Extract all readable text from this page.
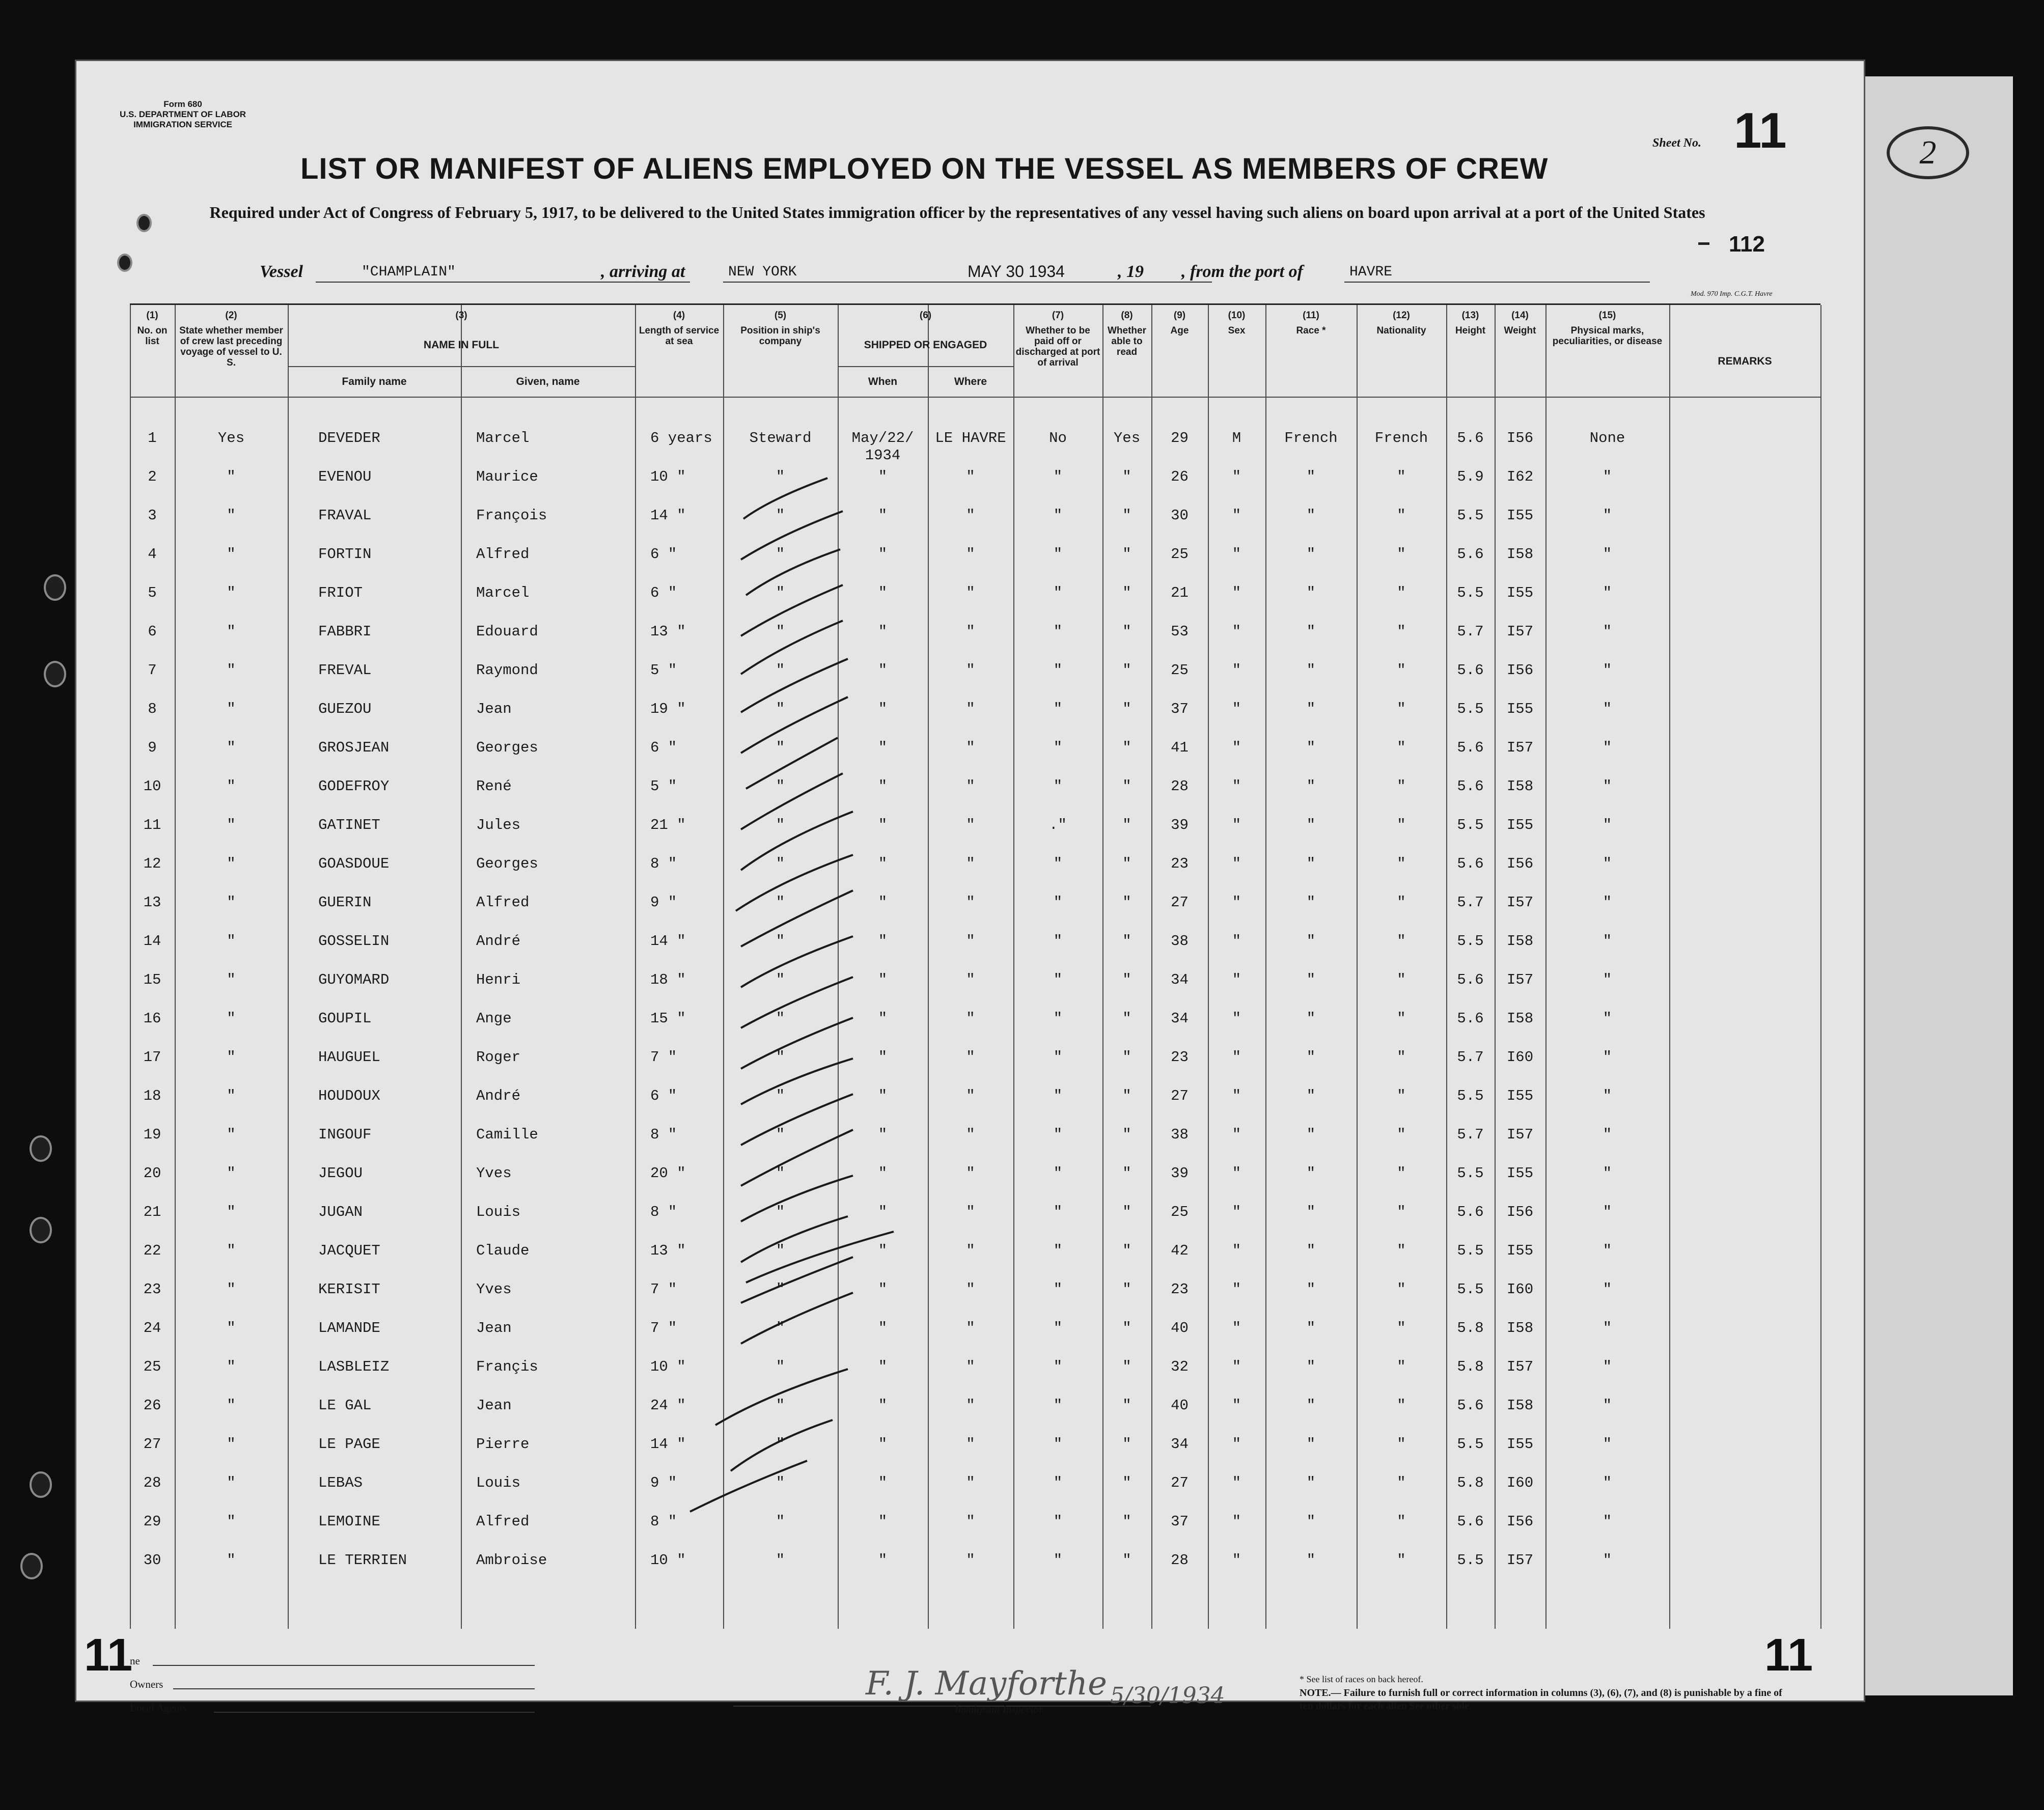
2
Form 680
U.S. DEPARTMENT OF LABOR
IMMIGRATION SERVICE
LIST OR MANIFEST OF ALIENS EMPLOYED ON THE VESSEL AS MEMBERS OF CREW
Required under Act of Congress of February 5, 1917, to be delivered to the United States immigration officer by the representatives of any vessel having such aliens on board upon arrival at a port of the United States
Sheet No. 11
112
Vessel	"CHAMPLAIN"	, arriving at	NEW YORK	MAY 30 1934	, 19 , from the port of	HAVRE
Mod. 970 Imp. C.G.T. Havre
(1)
No. on list
(2)
State whether member of crew last preceding voyage of vessel to U. S.
(3)
NAME IN FULL
Family name	Given, name
(4)
Length of service at sea
(5)
Position in ship's company
(6)
SHIPPED OR ENGAGED
When	Where
(7)
Whether to be paid off or discharged at port of arrival
(8)
Whether able to read
(9)
Age
(10)
Sex
(11)
Race *
(12)
Nationality
(13)
Height
(14)
Weight
(15)
Physical marks, peculiarities, or disease
REMARKS
1	Yes	DEVEDER	Marcel	6 years	Steward	May/22/	LE HAVRE	No	Yes	29	M	French	French	5.6	I56	None
1934
2	"	EVENOU	Maurice	10 "	"	"	"	"	"	26	"	"	"	5.9	I62	"
3	"	FRAVAL	François	14 "	"	"	"	"	"	30	"	"	"	5.5	I55	"
4	"	FORTIN	Alfred	6 "	"	"	"	"	"	25	"	"	"	5.6	I58	"
5	"	FRIOT	Marcel	6 "	"	"	"	"	"	21	"	"	"	5.5	I55	"
6	"	FABBRI	Edouard	13 "	"	"	"	"	"	53	"	"	"	5.7	I57	"
7	"	FREVAL	Raymond	5 "	"	"	"	"	"	25	"	"	"	5.6	I56	"
8	"	GUEZOU	Jean	19 "	"	"	"	"	"	37	"	"	"	5.5	I55	"
9	"	GROSJEAN	Georges	6 "	"	"	"	"	"	41	"	"	"	5.6	I57	"
10	"	GODEFROY	René	5 "	"	"	"	"	"	28	"	"	"	5.6	I58	"
11	"	GATINET	Jules	21 "	"	"	"	."	"	39	"	"	"	5.5	I55	"
12	"	GOASDOUE	Georges	8 "	"	"	"	"	"	23	"	"	"	5.6	I56	"
13	"	GUERIN	Alfred	9 "	"	"	"	"	"	27	"	"	"	5.7	I57	"
14	"	GOSSELIN	André	14 "	"	"	"	"	"	38	"	"	"	5.5	I58	"
15	"	GUYOMARD	Henri	18 "	"	"	"	"	"	34	"	"	"	5.6	I57	"
16	"	GOUPIL	Ange	15 "	"	"	"	"	"	34	"	"	"	5.6	I58	"
17	"	HAUGUEL	Roger	7 "	"	"	"	"	"	23	"	"	"	5.7	I60	"
18	"	HOUDOUX	André	6 "	"	"	"	"	"	27	"	"	"	5.5	I55	"
19	"	INGOUF	Camille	8 "	"	"	"	"	"	38	"	"	"	5.7	I57	"
20	"	JEGOU	Yves	20 "	"	"	"	"	"	39	"	"	"	5.5	I55	"
21	"	JUGAN	Louis	8 "	"	"	"	"	"	25	"	"	"	5.6	I56	"
22	"	JACQUET	Claude	13 "	"	"	"	"	"	42	"	"	"	5.5	I55	"
23	"	KERISIT	Yves	7 "	"	"	"	"	"	23	"	"	"	5.5	I60	"
24	"	LAMANDE	Jean	7 "	"	"	"	"	"	40	"	"	"	5.8	I58	"
25	"	LASBLEIZ	Françis	10 "	"	"	"	"	"	32	"	"	"	5.8	I57	"
26	"	LE GAL	Jean	24 "	"	"	"	"	"	40	"	"	"	5.6	I58	"
27	"	LE PAGE	Pierre	14 "	"	"	"	"	"	34	"	"	"	5.5	I55	"
28	"	LEBAS	Louis	9 "	"	"	"	"	"	27	"	"	"	5.8	I60	"
29	"	LEMOINE	Alfred	8 "	"	"	"	"	"	37	"	"	"	5.6	I56	"
30	"	LE TERRIEN	Ambroise	10 "	"	"	"	"	"	28	"	"	"	5.5	I57	"
11	11
ne
Owners
Local Agents
F. J. Mayforthe 5/30/1934
Immigrant Inspector.
* See list of races on back hereof.
NOTE.— Failure to furnish full or correct information in columns (3), (6), (7), and (8) is punishable by a fine of ten dollars for each alien See other side.
